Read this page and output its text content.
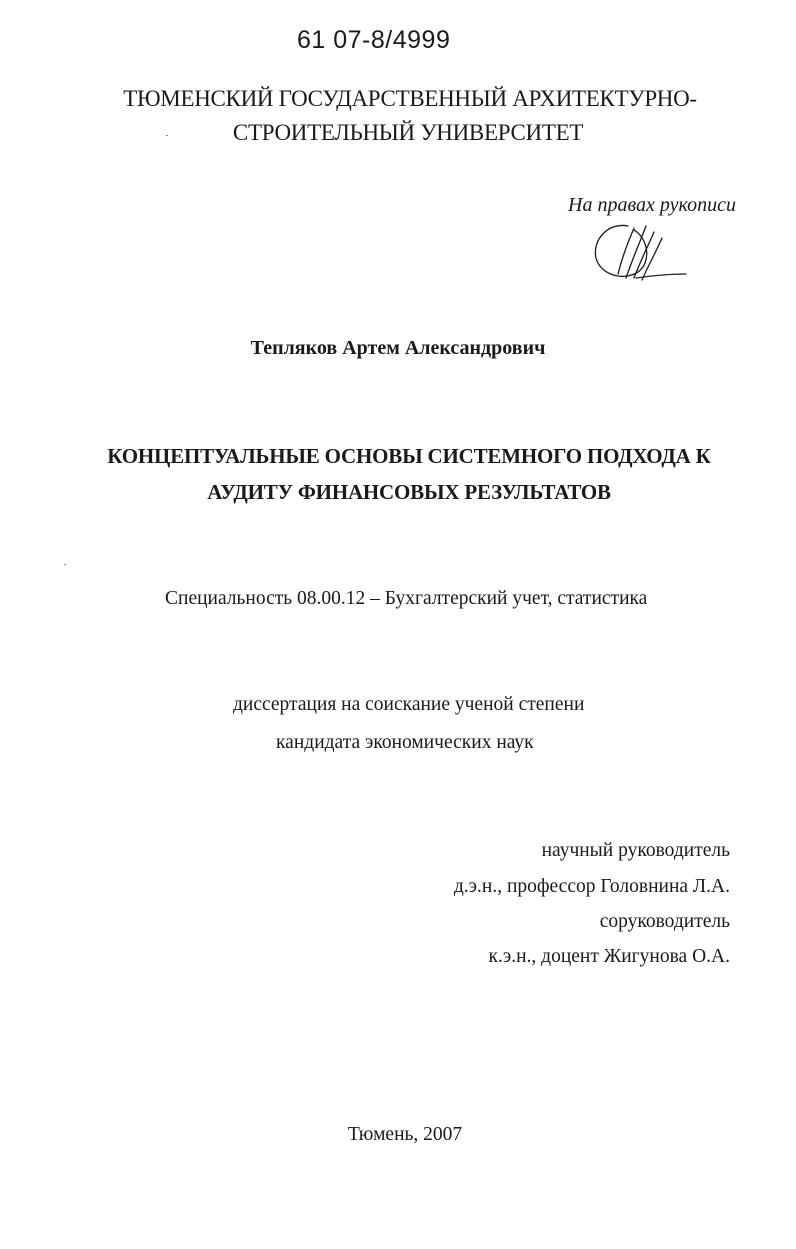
61 07-8/4999
ТЮМЕНСКИЙ ГОСУДАРСТВЕННЫЙ АРХИТЕКТУРНО-
СТРОИТЕЛЬНЫЙ УНИВЕРСИТЕТ
На правах рукописи
Тепляков Артем Александрович
КОНЦЕПТУАЛЬНЫЕ ОСНОВЫ СИСТЕМНОГО ПОДХОДА К
АУДИТУ ФИНАНСОВЫХ РЕЗУЛЬТАТОВ
Специальность 08.00.12 – Бухгалтерский учет, статистика
диссертация на соискание ученой степени
кандидата экономических наук
научный руководитель
д.э.н., профессор Головнина Л.А.
соруководитель
к.э.н., доцент Жигунова О.А.
Тюмень, 2007
